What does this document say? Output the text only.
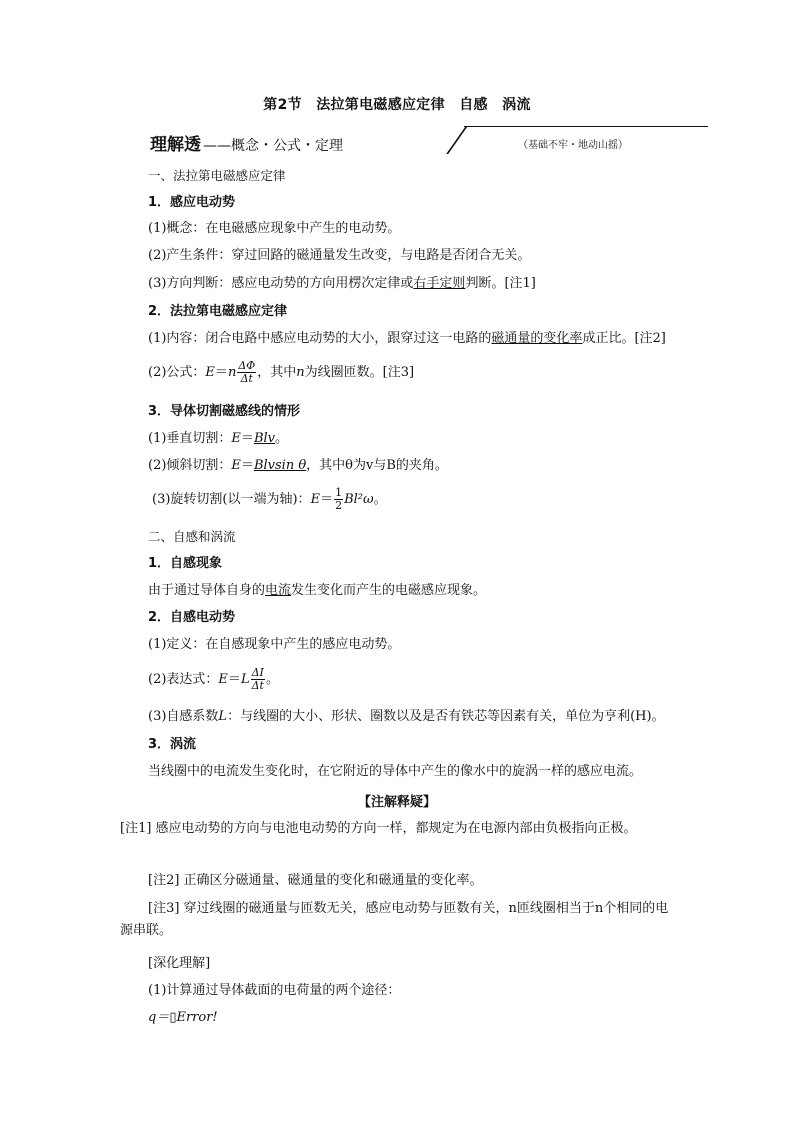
第2节　法拉第电磁感应定律　自感　涡流
理解透 ——概念・公式・定理	（基础不牢・地动山摇）
一、法拉第电磁感应定律
1．感应电动势
(1)概念：在电磁感应现象中产生的电动势。
(2)产生条件：穿过回路的磁通量发生改变，与电路是否闭合无关。
(3)方向判断：感应电动势的方向用楞次定律或右手定则判断。[注1]
2．法拉第电磁感应定律
(1)内容：闭合电路中感应电动势的大小，跟穿过这一电路的磁通量的变化率成正比。[注2]
(2)公式：$E=n \frac{\Delta\Phi}{\Delta t}$ ，其中n为线圈匝数。[注3]
3．导体切割磁感线的情形
(1)垂直切割：E＝Blv。
(2)倾斜切割：E＝Blvsin θ，其中θ为v与B的夹角。
(3)旋转切割(以一端为轴)：$E= \frac{1}{2} Bl^2\omega$。
二、自感和涡流
1．自感现象
由于通过导体自身的电流发生变化而产生的电磁感应现象。
2．自感电动势
(1)定义：在自感现象中产生的感应电动势。
(2)表达式：$E=L \frac{\Delta I}{\Delta t}$ 。
(3)自感系数L：与线圈的大小、形状、圈数以及是否有铁芯等因素有关，单位为亨利(H)。
3．涡流
当线圈中的电流发生变化时，在它附近的导体中产生的像水中的旋涡一样的感应电流。
【注解释疑】
[注1] 感应电动势的方向与电池电动势的方向一样，都规定为在电源内部由负极指向正极。
[注2] 正确区分磁通量、磁通量的变化和磁通量的变化率。
[注3] 穿过线圈的磁通量与匝数无关，感应电动势与匝数有关，n匝线圈相当于n个相同的电源串联。
[深化理解]
(1)计算通过导体截面的电荷量的两个途径：
q＝▯Error!
